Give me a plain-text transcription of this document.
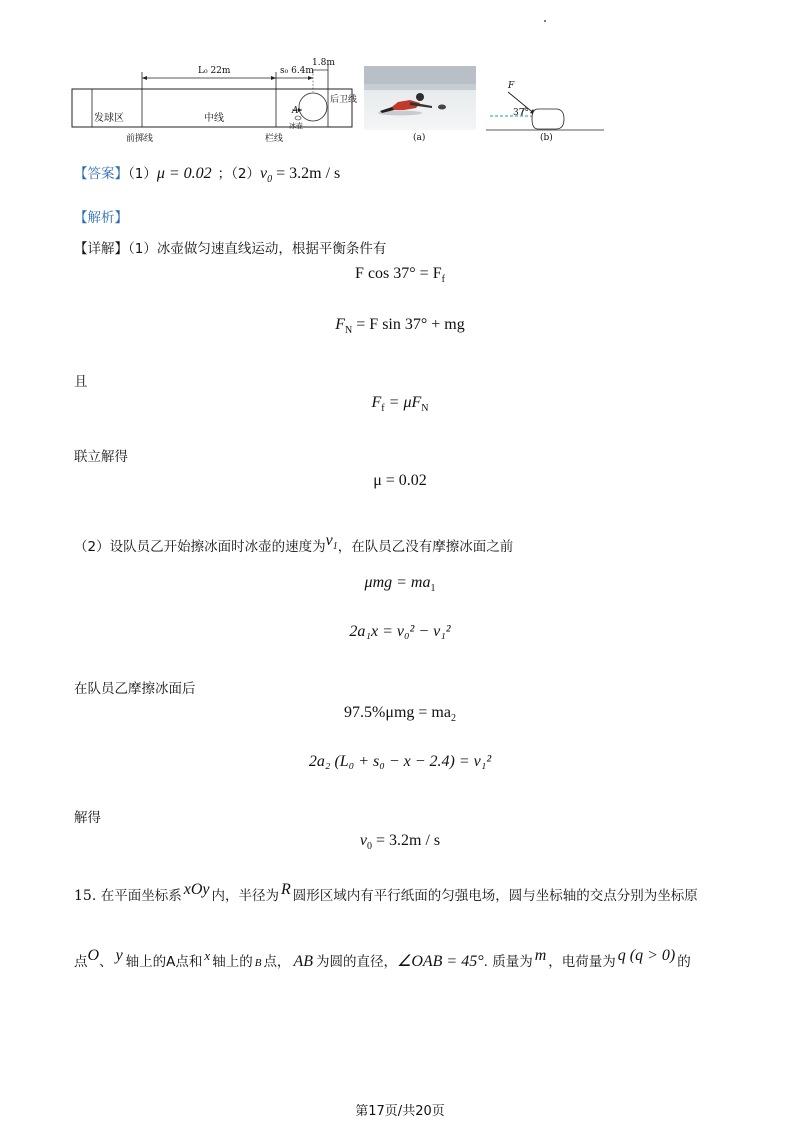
发球区	中线
前掷线	栏线
后卫线
A
冰壶
L₀ 22m	s₀ 6.4m
1.8m
(a)
F
37°
(b)
【答案】（1）μ = 0.02 ；$(2)v_0 = 3.2m / s$
【解析】
【详解】（1）冰壶做匀速直线运动，根据平衡条件有
F $\cos 37^\circ = F_f$
$F_N = F$ sin 37° + mg
且
$F_f = \mu F_N$
联立解得
μ = 0.02
（2）设队员乙开始擦冰面时冰壶的速度为$v_1$，在队员乙没有摩擦冰面之前
$\mu mg = ma_1$
2a₁x = v₀² − v₁²
在队员乙摩擦冰面后
$97.5\%\mu mg = ma_2$
2a₂ (L₀ + s₀ − x − 2.4) = v₁²
解得
$v_0 = 3.2m / s$
15. 在平面坐标系 xOy 内，半径为 R 圆形区域内有平行纸面的匀强电场，圆与坐标轴的交点分别为坐标原
点O、 y 轴上的A点和 x 轴上的 B 点， AB 为圆的直径，∠OAB = 45°. 质量为 m ，电荷量为 q (q > 0) 的
第17页/共20页
